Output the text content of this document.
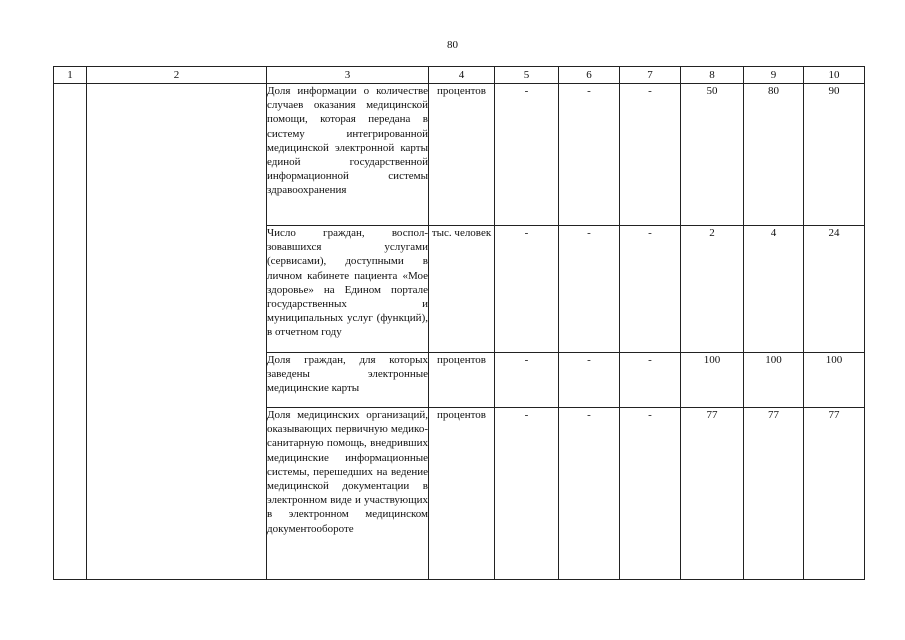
80
1	2	3	4	5	6	7	8	9	10
		Доля информации о количестве случаев оказания медицинской помощи, которая передана в систему интегрированной медицинской электронной карты единой государственной информационной системы здравоохранения	процентов	-	-	-	50	80	90
		Число граждан, восползовавшихся услугами (сервисами), доступными в личном кабинете пациента «Мое здоровье» на Едином портале государственных и муниципальных услуг (функций), в отчетном году	тыс. человек	-	-	-	2	4	24
		Доля граждан, для которых заведены электронные медицинские карты	процентов	-	-	-	100	100	100
		Доля медицинских организаций, оказывающих первичную медико-санитарную помощь, внедривших медицинские информационные системы, перешедших на ведение медицинской документации в электронном виде и участвующих в электронном медицинском документообороте	процентов	-	-	-	77	77	77
